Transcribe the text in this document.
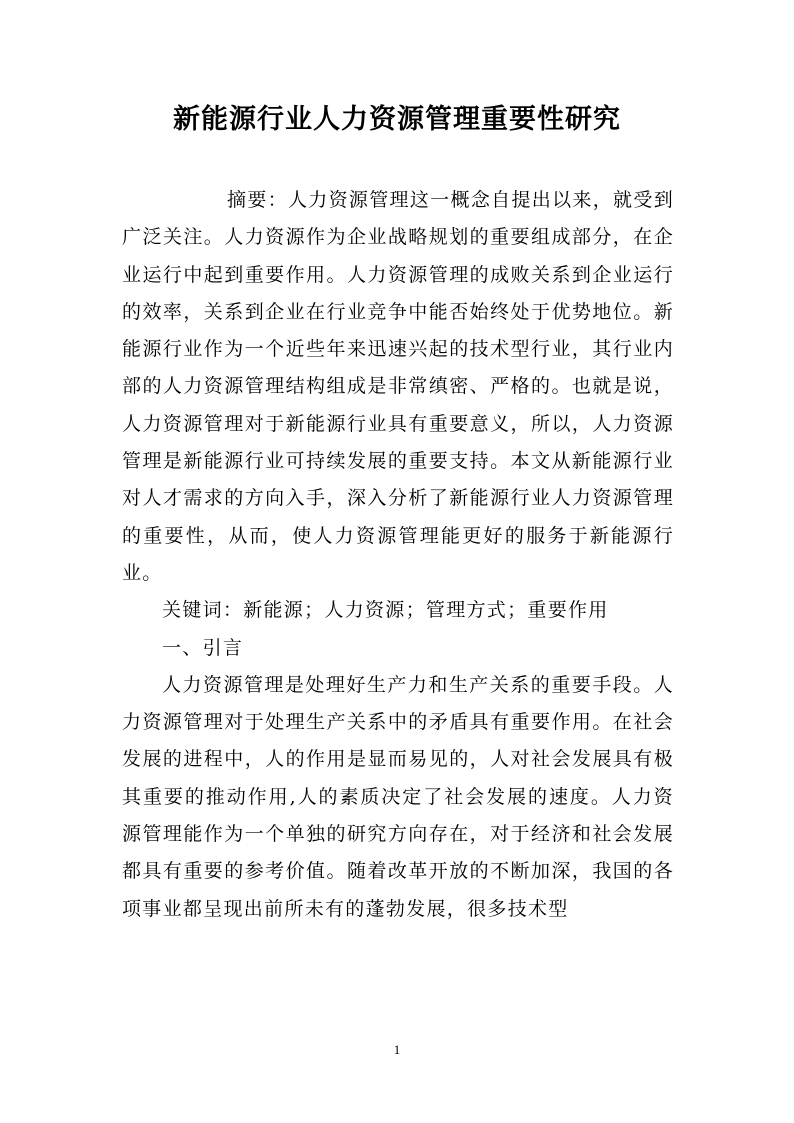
新能源行业人力资源管理重要性研究

摘要：人力资源管理这一概念自提出以来，就受到广泛关注。人力资源作为企业战略规划的重要组成部分，在企业运行中起到重要作用。人力资源管理的成败关系到企业运行的效率，关系到企业在行业竞争中能否始终处于优势地位。新能源行业作为一个近些年来迅速兴起的技术型行业，其行业内部的人力资源管理结构组成是非常缜密、严格的。也就是说，人力资源管理对于新能源行业具有重要意义，所以，人力资源管理是新能源行业可持续发展的重要支持。本文从新能源行业对人才需求的方向入手，深入分析了新能源行业人力资源管理的重要性，从而，使人力资源管理能更好的服务于新能源行业。

关键词：新能源；人力资源；管理方式；重要作用

一、引言

人力资源管理是处理好生产力和生产关系的重要手段。人力资源管理对于处理生产关系中的矛盾具有重要作用。在社会发展的进程中，人的作用是显而易见的，人对社会发展具有极其重要的推动作用,人的素质决定了社会发展的速度。人力资源管理能作为一个单独的研究方向存在，对于经济和社会发展都具有重要的参考价值。随着改革开放的不断加深，我国的各项事业都呈现出前所未有的蓬勃发展，很多技术型

1
